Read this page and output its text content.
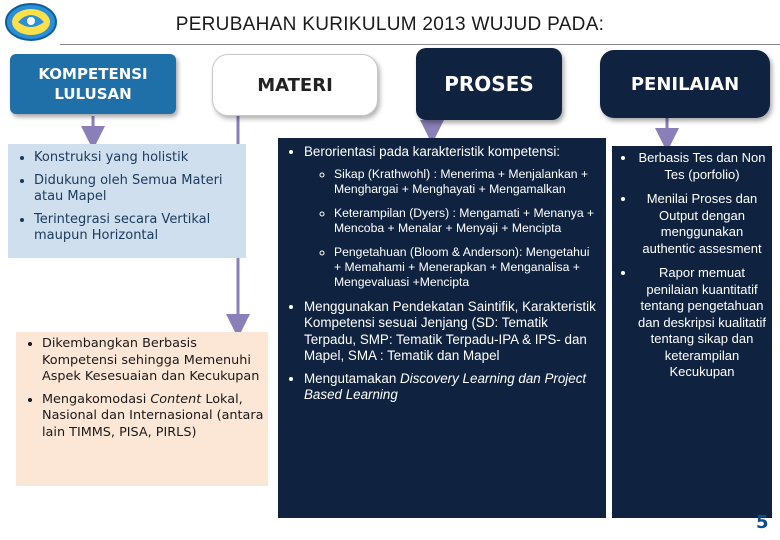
PERUBAHAN KURIKULUM 2013 WUJUD PADA:
KOMPETENSI LULUSAN	MATERI	PROSES	PENILAIAN
• Konstruksi yang holistik
• Didukung oleh Semua Materi atau Mapel
• Terintegrasi secara Vertikal maupun Horizontal
• Dikembangkan Berbasis Kompetensi sehingga Memenuhi Aspek Kesesuaian dan Kecukupan
• Mengakomodasi Content Lokal, Nasional dan Internasional (antara lain TIMMS, PISA, PIRLS)
• Berorientasi pada karakteristik kompetensi:
◦ Sikap (Krathwohl) : Menerima + Menjalankan + Menghargai + Menghayati + Mengamalkan
◦ Keterampilan (Dyers) : Mengamati + Menanya + Mencoba + Menalar + Menyaji + Mencipta
◦ Pengetahuan (Bloom & Anderson): Mengetahui + Memahami + Menerapkan + Menganalisa + Mengevaluasi +Mencipta
• Menggunakan Pendekatan Saintifik, Karakteristik Kompetensi sesuai Jenjang (SD: Tematik Terpadu, SMP: Tematik Terpadu-IPA & IPS- dan Mapel, SMA : Tematik dan Mapel
• Mengutamakan Discovery Learning dan Project Based Learning
• Berbasis Tes dan Non Tes (porfolio)
• Menilai Proses dan Output dengan menggunakan authentic assesment
• Rapor memuat penilaian kuantitatif tentang pengetahuan dan deskripsi kualitatif tentang sikap dan keterampilan Kecukupan
5
